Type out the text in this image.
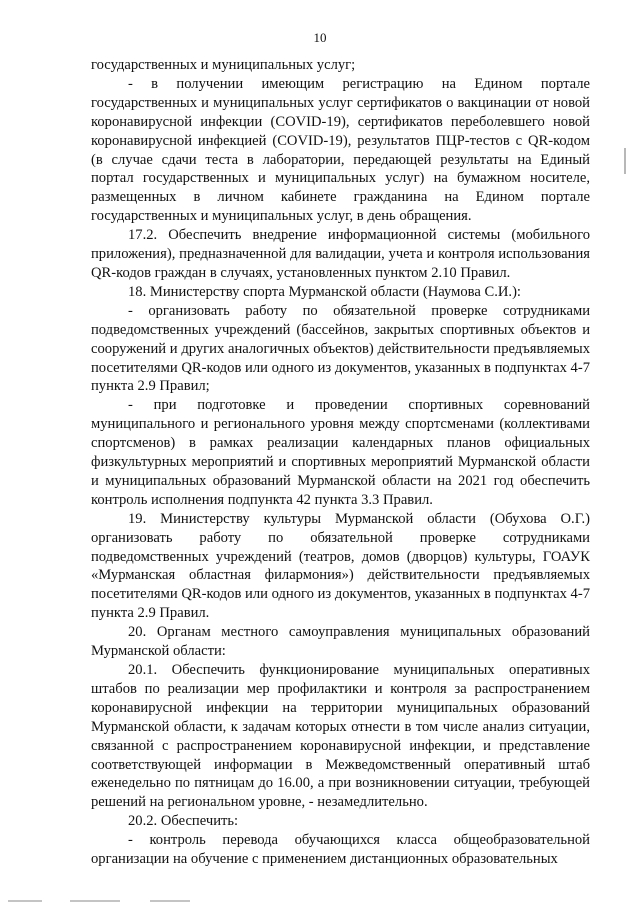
10

государственных и муниципальных услуг;

- в получении имеющим регистрацию на Едином портале государственных и муниципальных услуг сертификатов о вакцинации от новой коронавирусной инфекции (COVID-19), сертификатов переболевшего новой коронавирусной инфекцией (COVID-19), результатов ПЦР-тестов с QR-кодом (в случае сдачи теста в лаборатории, передающей результаты на Единый портал государственных и муниципальных услуг) на бумажном носителе, размещенных в личном кабинете гражданина на Едином портале государственных и муниципальных услуг, в день обращения.

17.2. Обеспечить внедрение информационной системы (мобильного приложения), предназначенной для валидации, учета и контроля использования QR-кодов граждан в случаях, установленных пунктом 2.10 Правил.

18. Министерству спорта Мурманской области (Наумова С.И.):

- организовать работу по обязательной проверке сотрудниками подведомственных учреждений (бассейнов, закрытых спортивных объектов и сооружений и других аналогичных объектов) действительности предъявляемых посетителями QR-кодов или одного из документов, указанных в подпунктах 4-7 пункта 2.9 Правил;

- при подготовке и проведении спортивных соревнований муниципального и регионального уровня между спортсменами (коллективами спортсменов) в рамках реализации календарных планов официальных физкультурных мероприятий и спортивных мероприятий Мурманской области и муниципальных образований Мурманской области на 2021 год обеспечить контроль исполнения подпункта 42 пункта 3.3 Правил.

19. Министерству культуры Мурманской области (Обухова О.Г.) организовать работу по обязательной проверке сотрудниками подведомственных учреждений (театров, домов (дворцов) культуры, ГОАУК «Мурманская областная филармония») действительности предъявляемых посетителями QR-кодов или одного из документов, указанных в подпунктах 4-7 пункта 2.9 Правил.

20. Органам местного самоуправления муниципальных образований Мурманской области:

20.1. Обеспечить функционирование муниципальных оперативных штабов по реализации мер профилактики и контроля за распространением коронавирусной инфекции на территории муниципальных образований Мурманской области, к задачам которых отнести в том числе анализ ситуации, связанной с распространением коронавирусной инфекции, и представление соответствующей информации в Межведомственный оперативный штаб еженедельно по пятницам до 16.00, а при возникновении ситуации, требующей решений на региональном уровне, - незамедлительно.

20.2. Обеспечить:

- контроль перевода обучающихся класса общеобразовательной организации на обучение с применением дистанционных образовательных
